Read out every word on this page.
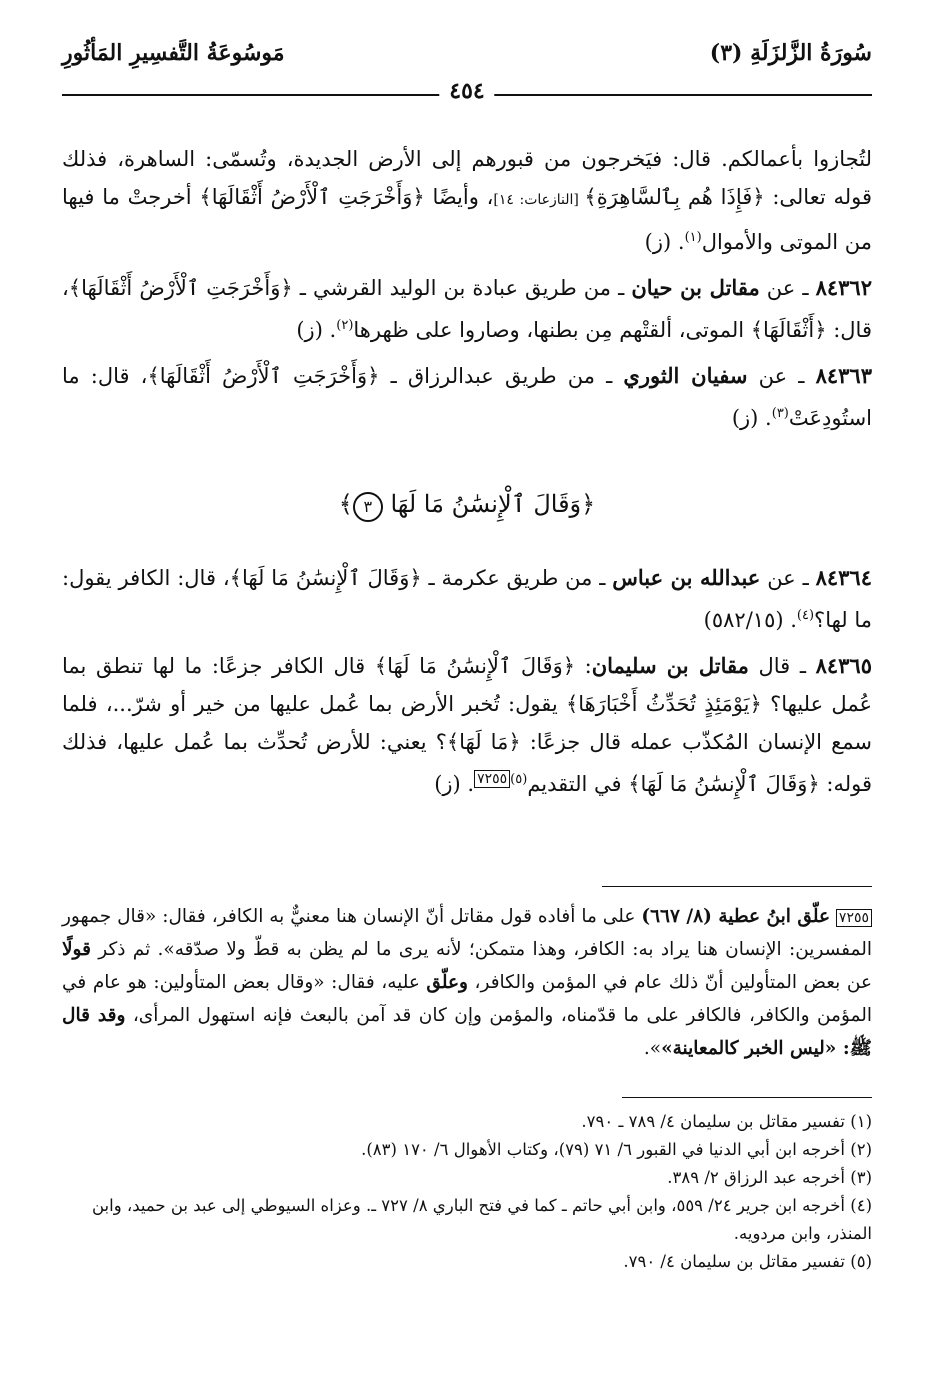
سُورَةُ الزَّلزَلَةِ (٣)
مَوسُوعَةُ التَّفسِيرِ المَأثُورِ
٤٥٤

لتُجازوا بأعمالكم. قال: فيَخرجون من قبورهم إلى الأرض الجديدة، وتُسمّى: الساهرة، فذلك قوله تعالى: ﴿فَإِذَا هُم بِٱلسَّاهِرَةِ﴾ [النازعات: ١٤]، وأيضًا ﴿وَأَخْرَجَتِ ٱلْأَرْضُ أَثْقَالَهَا﴾ أخرجتْ ما فيها من الموتى والأموال$^{(١)}$. (ز)

٨٤٣٦٢ ـ عن مقاتل بن حيان ـ من طريق عبادة بن الوليد القرشي ـ ﴿وَأَخْرَجَتِ ٱلْأَرْضُ أَثْقَالَهَا﴾، قال: ﴿أَثْقَالَهَا﴾ الموتى، ألقتْهم مِن بطنها، وصاروا على ظهرها$^{(٢)}$. (ز)

٨٤٣٦٣ ـ عن سفيان الثوري ـ من طريق عبدالرزاق ـ ﴿وَأَخْرَجَتِ ٱلْأَرْضُ أَثْقَالَهَا﴾، قال: ما استُودِعَتْ$^{(٣)}$. (ز)

﴿وَقَالَ ٱلْإِنسَٰنُ مَا لَهَا ٣﴾

٨٤٣٦٤ ـ عن عبدالله بن عباس ـ من طريق عكرمة ـ ﴿وَقَالَ ٱلْإِنسَٰنُ مَا لَهَا﴾، قال: الكافر يقول: ما لها؟$^{(٤)}$. (٥٨٢/١٥)

٨٤٣٦٥ ـ قال مقاتل بن سليمان: ﴿وَقَالَ ٱلْإِنسَٰنُ مَا لَهَا﴾ قال الكافر جزعًا: ما لها تنطق بما عُمل عليها؟ ﴿يَوْمَئِذٍ تُحَدِّثُ أَخْبَارَهَا﴾ يقول: تُخبر الأرض بما عُمل عليها من خير أو شرّ...، فلما سمع الإنسان المُكذّب عمله قال جزعًا: ﴿مَا لَهَا﴾؟ يعني: للأرض تُحدِّث بما عُمل عليها، فذلك قوله: ﴿وَقَالَ ٱلْإِنسَٰنُ مَا لَهَا﴾ في التقديم$^{(٥)}$٧٢٥٥. (ز)

٧٢٥٥ علّق ابنُ عطية (٨/ ٦٦٧) على ما أفاده قول مقاتل أنّ الإنسان هنا معنيٌّ به الكافر، فقال: «قال جمهور المفسرين: الإنسان هنا يراد به: الكافر، وهذا متمكن؛ لأنه يرى ما لم يظن به قطّ ولا صدّقه». ثم ذكر قولًا عن بعض المتأولين أنّ ذلك عام في المؤمن والكافر، وعلّق عليه، فقال: «وقال بعض المتأولين: هو عام في المؤمن والكافر، فالكافر على ما قدّمناه، والمؤمن وإن كان قد آمن بالبعث فإنه استهول المرأى، وقد قال ﷺ: «ليس الخبر كالمعاينة»».

(١) تفسير مقاتل بن سليمان ٤/ ٧٨٩ ـ ٧٩٠.

(٢) أخرجه ابن أبي الدنيا في القبور ٦/ ٧١ (٧٩)، وكتاب الأهوال ٦/ ١٧٠ (٨٣).

(٣) أخرجه عبد الرزاق ٢/ ٣٨٩.

(٤) أخرجه ابن جرير ٢٤/ ٥٥٩، وابن أبي حاتم ـ كما في فتح الباري ٨/ ٧٢٧ ـ. وعزاه السيوطي إلى عبد بن حميد، وابن المنذر، وابن مردويه.

(٥) تفسير مقاتل بن سليمان ٤/ ٧٩٠.
